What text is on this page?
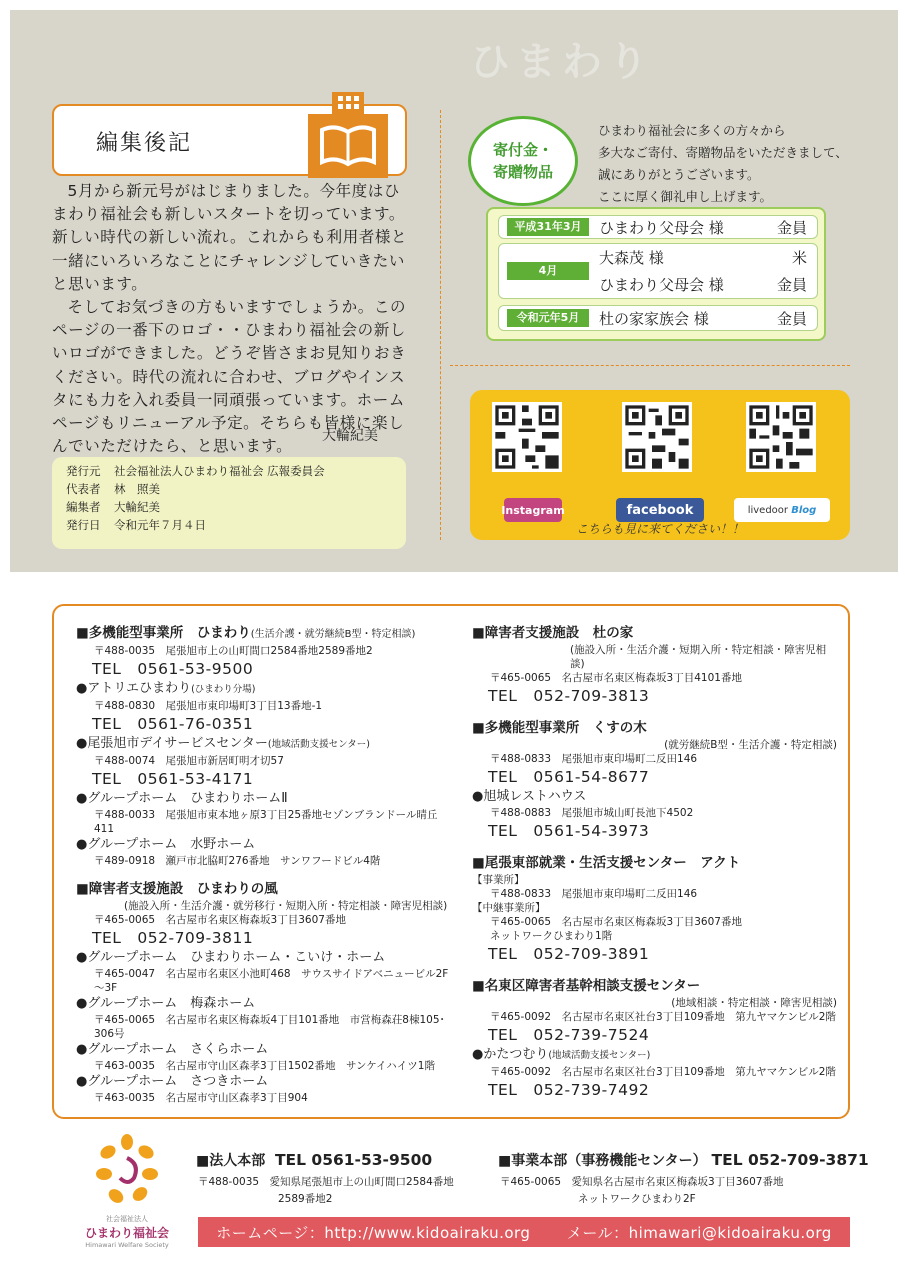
ひまわり
編集後記

5月から新元号がはじまりました。今年度はひまわり福祉会も新しいスタートを切っています。新しい時代の新しい流れ。これからも利用者様と一緒にいろいろなことにチャレンジしていきたいと思います。

そしてお気づきの方もいますでしょうか。このページの一番下のロゴ・・ひまわり福祉会の新しいロゴができました。どうぞ皆さまお見知りおきください。時代の流れに合わせ、ブログやインスタにも力を入れ委員一同頑張っています。ホームページもリニューアル予定。そちらも皆様に楽しんでいただけたら、と思います。

大輪紀美
発行元	社会福祉法人ひまわり福祉会 広報委員会
代表者	林　照美
編集者	大輪紀美
発行日	令和元年７月４日
寄付金・
寄贈物品
ひまわり福祉会に多くの方々から
多大なご寄付、寄贈物品をいただきまして、
誠にありがとうございます。
ここに厚く御礼申し上げます。
平成31年3月	ひまわり父母会 様	金員
4月
大森茂 様	米
ひまわり父母会 様	金員
令和元年5月	杜の家家族会 様	金員
Instagram	facebook	livedoor
Blog
こちらも見に来てください！！
■多機能型事業所　ひまわり(生活介護・就労継続B型・特定相談)
〒488-0035　尾張旭市上の山町間口2584番地2589番地2
TEL　0561-53-9500
●アトリエひまわり(ひまわり分場)
〒488-0830　尾張旭市東印場町3丁目13番地-1
TEL　0561-76-0351
●尾張旭市デイサービスセンター(地域活動支援センター)
〒488-0074　尾張旭市新居町明才切57
TEL　0561-53-4171
●グループホーム　ひまわりホームⅡ
〒488-0033　尾張旭市東本地ヶ原3丁目25番地セゾンブランドール晴丘411
●グループホーム　水野ホーム
〒489-0918　瀬戸市北脇町276番地　サンワフードビル4階
■障害者支援施設　ひまわりの風
(施設入所・生活介護・就労移行・短期入所・特定相談・障害児相談)
〒465-0065　名古屋市名東区梅森坂3丁目3607番地
TEL　052-709-3811
●グループホーム　ひまわりホーム・こいけ・ホーム
〒465-0047　名古屋市名東区小池町468　サウスサイドアベニュービル2F～3F
●グループホーム　梅森ホーム
〒465-0065　名古屋市名東区梅森坂4丁目101番地　市営梅森荘8棟105･306号
●グループホーム　さくらホーム
〒463-0035　名古屋市守山区森孝3丁目1502番地　サンケイハイツ1階
●グループホーム　さつきホーム
〒463-0035　名古屋市守山区森孝3丁目904
■障害者支援施設　杜の家
(施設入所・生活介護・短期入所・特定相談・障害児相談)
〒465-0065　名古屋市名東区梅森坂3丁目4101番地
TEL　052-709-3813
■多機能型事業所　くすの木
(就労継続B型・生活介護・特定相談)
〒488-0833　尾張旭市東印場町二反田146
TEL　0561-54-8677
●旭城レストハウス
〒488-0883　尾張旭市城山町長池下4502
TEL　0561-54-3973
■尾張東部就業・生活支援センター　アクト
【事業所】
〒488-0833　尾張旭市東印場町二反田146
【中継事業所】
〒465-0065　名古屋市名東区梅森坂3丁目3607番地
ネットワークひまわり1階
TEL　052-709-3891
■名東区障害者基幹相談支援センター
(地域相談・特定相談・障害児相談)
〒465-0092　名古屋市名東区社台3丁目109番地　第九ヤマケンビル2階
TEL　052-739-7524
●かたつむり(地域活動支援センター)
〒465-0092　名古屋市名東区社台3丁目109番地　第九ヤマケンビル2階
TEL　052-739-7492
社会福祉法人
ひまわり福祉会
Himawari Welfare Society
■法人本部 TEL 0561-53-9500
〒488-0035　愛知県尾張旭市上の山町間口2584番地
2589番地2
■事業本部（事務機能センター） TEL 052-709-3871
〒465-0065　愛知県名古屋市名東区梅森坂3丁目3607番地
ネットワークひまわり2F
ホームページ：http://www.kidoairaku.org メール：himawari@kidoairaku.org
